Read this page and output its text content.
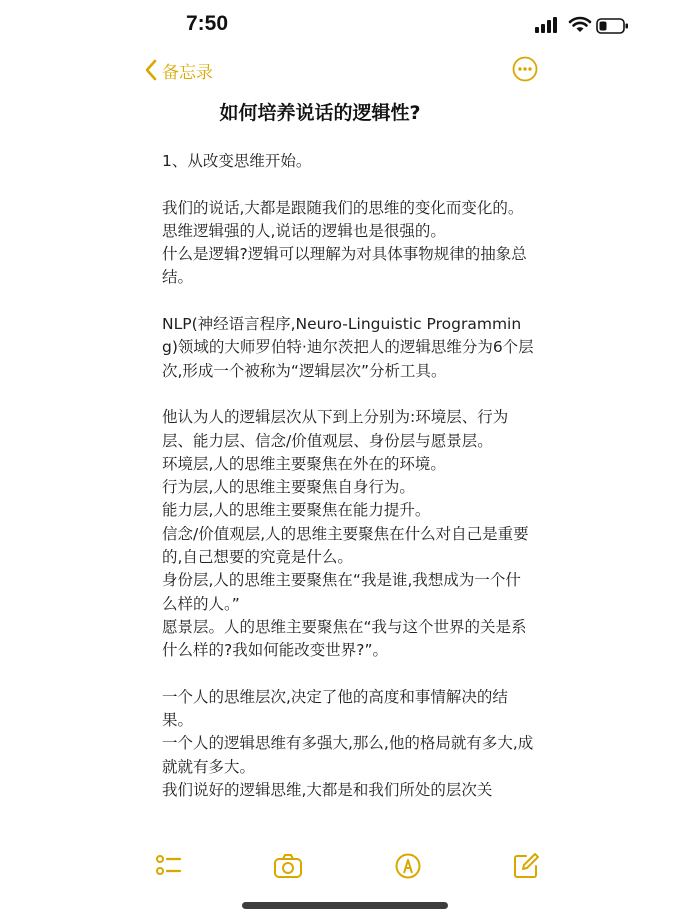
7:50
备忘录
如何培养说话的逻辑性?

1、从改变思维开始。

我们的说话,大都是跟随我们的思维的变化而变化的。

思维逻辑强的人,说话的逻辑也是很强的。

什么是逻辑?逻辑可以理解为对具体事物规律的抽象总结。

NLP(神经语言程序,Neuro-Linguistic Programming)领域的大师罗伯特·迪尔茨把人的逻辑思维分为6个层次,形成一个被称为“逻辑层次”分析工具。

他认为人的逻辑层次从下到上分别为:环境层、行为层、能力层、信念/价值观层、身份层与愿景层。

环境层,人的思维主要聚焦在外在的环境。

行为层,人的思维主要聚焦自身行为。

能力层,人的思维主要聚焦在能力提升。

信念/价值观层,人的思维主要聚焦在什么对自己是重要的,自己想要的究竟是什么。

身份层,人的思维主要聚焦在“我是谁,我想成为一个什么样的人。”

愿景层。人的思维主要聚焦在“我与这个世界的关是系什么样的?我如何能改变世界?”。

一个人的思维层次,决定了他的高度和事情解决的结果。

一个人的逻辑思维有多强大,那么,他的格局就有多大,成就就有多大。

我们说好的逻辑思维,大都是和我们所处的层次关
